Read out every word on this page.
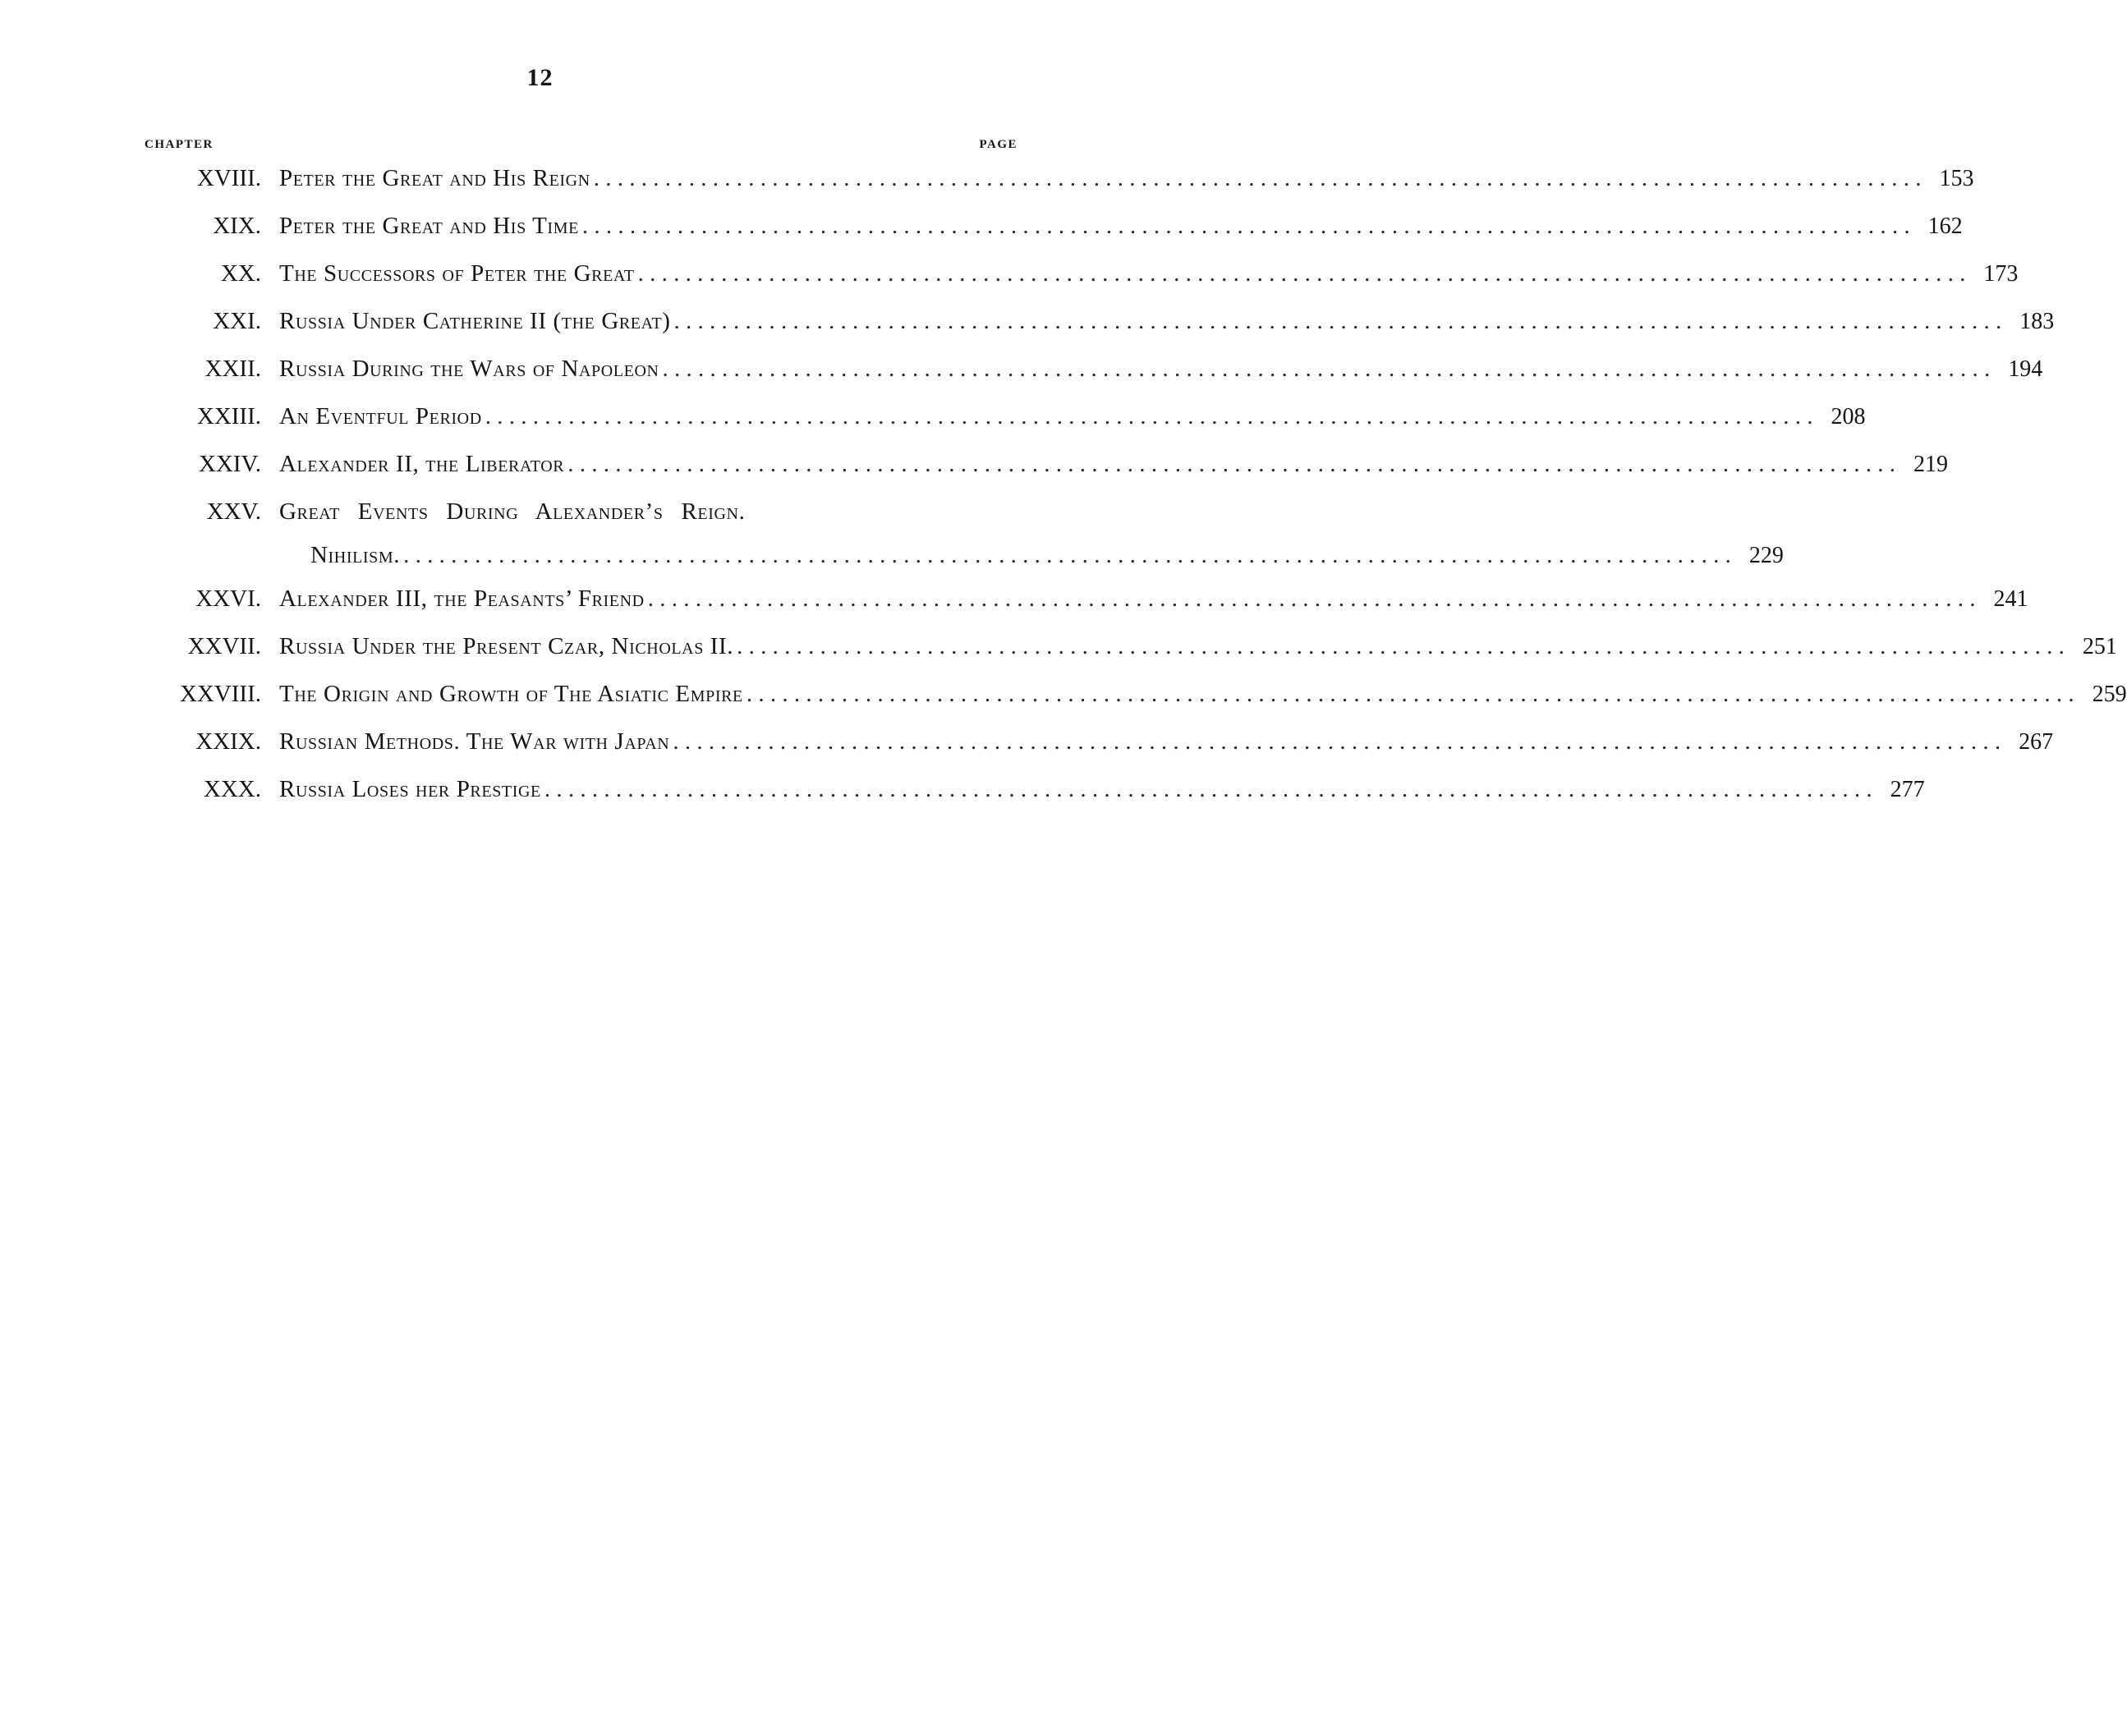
12
CHAPTER	PAGE
XVIII. Peter the Great and His Reign . . .	153
XIX. Peter the Great and His Time . . .	162
XX. The Successors of Peter the Great . . .	173
XXI. Russia Under Catherine II (the Great) . . .	183
XXII. Russia During the Wars of Napoleon . . .	194
XXIII. An Eventful Period . . .	208
XXIV. Alexander II, the Liberator . . .	219
XXV. Great Events During Alexander’s Reign.
Nihilism. . . .	229
XXVI. Alexander III, the Peasants’ Friend . . .	241
XXVII. Russia Under the Present Czar, Nicholas II. . . .	251
XXVIII. The Origin and Growth of The Asiatic Empire . . .	259
XXIX. Russian Methods. The War with Japan . . .	267
XXX. Russia Loses her Prestige . . .	277
